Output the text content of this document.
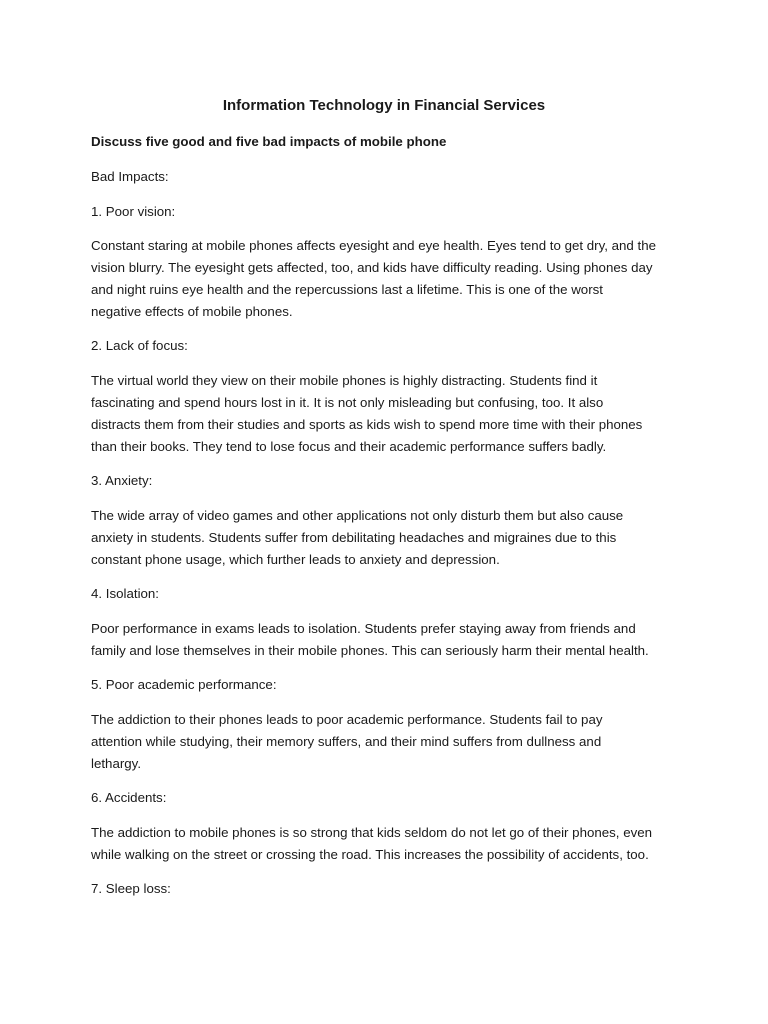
Information Technology in Financial Services
Discuss five good and five bad impacts of mobile phone
Bad Impacts:
1. Poor vision:
Constant staring at mobile phones affects eyesight and eye health. Eyes tend to get dry, and the
vision blurry. The eyesight gets affected, too, and kids have difficulty reading. Using phones day
and night ruins eye health and the repercussions last a lifetime. This is one of the worst
negative effects of mobile phones.
2. Lack of focus:
The virtual world they view on their mobile phones is highly distracting. Students find it
fascinating and spend hours lost in it. It is not only misleading but confusing, too. It also
distracts them from their studies and sports as kids wish to spend more time with their phones
than their books. They tend to lose focus and their academic performance suffers badly.
3. Anxiety:
The wide array of video games and other applications not only disturb them but also cause
anxiety in students. Students suffer from debilitating headaches and migraines due to this
constant phone usage, which further leads to anxiety and depression.
4. Isolation:
Poor performance in exams leads to isolation. Students prefer staying away from friends and
family and lose themselves in their mobile phones. This can seriously harm their mental health.
5. Poor academic performance:
The addiction to their phones leads to poor academic performance. Students fail to pay
attention while studying, their memory suffers, and their mind suffers from dullness and
lethargy.
6. Accidents:
The addiction to mobile phones is so strong that kids seldom do not let go of their phones, even
while walking on the street or crossing the road. This increases the possibility of accidents, too.
7. Sleep loss:
